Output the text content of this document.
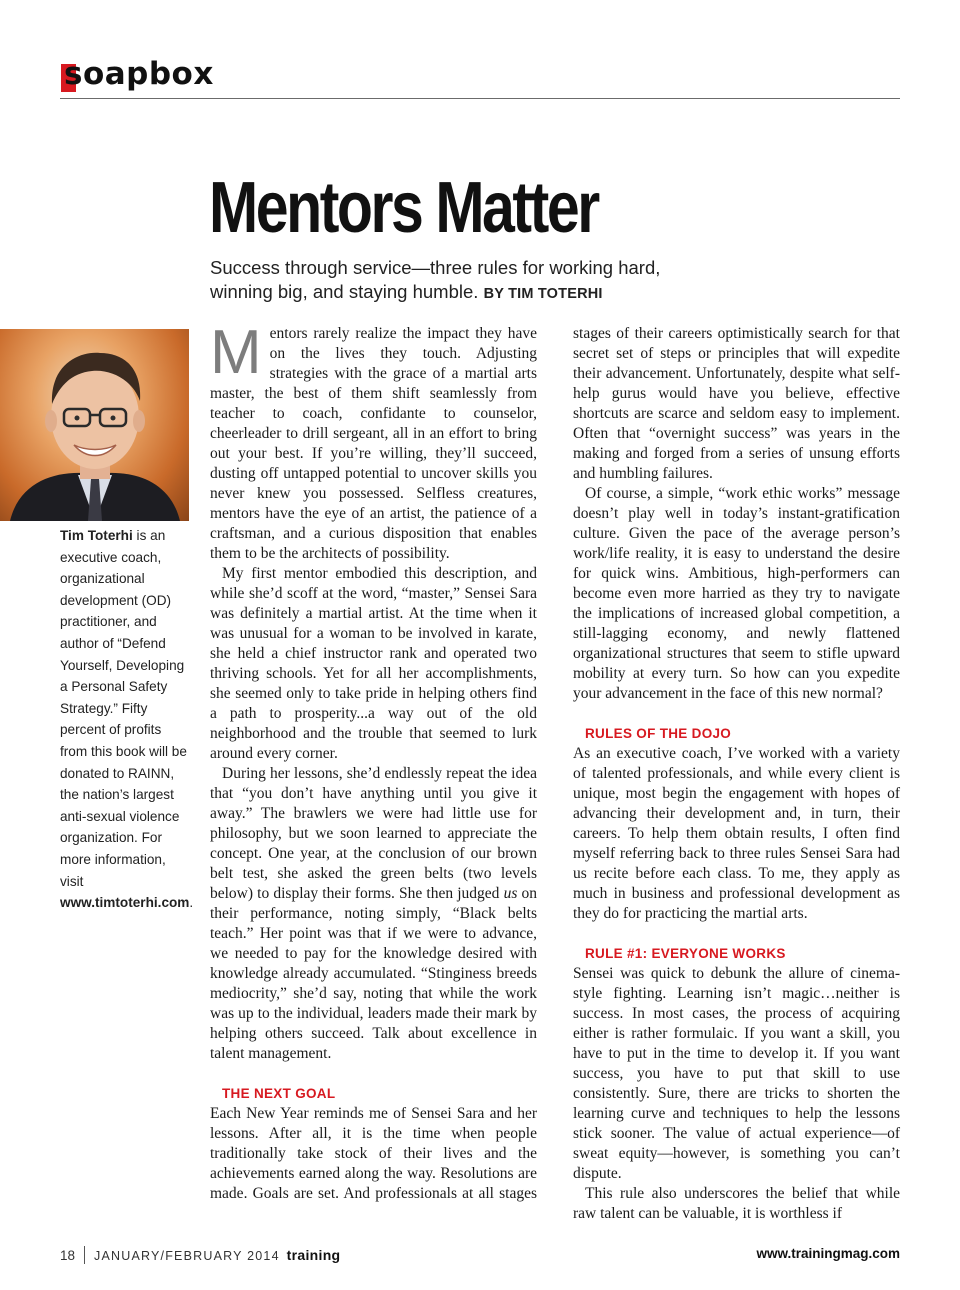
soapbox
Mentors Matter
Success through service—three rules for working hard,
winning big, and staying humble. BY TIM TOTERHI
Tim Toterhi is an executive coach, organizational development (OD) practitioner, and author of “Defend Yourself, Developing a Personal Safety Strategy.” Fifty percent of profits from this book will be donated to RAINN, the nation’s largest anti-sexual violence organization. For more information, visit www.timtoterhi.com.

Mentors rarely realize the impact they have on the lives they touch. Adjusting strategies with the grace of a martial arts master, the best of them shift seamlessly from teacher to coach, confidante to counselor, cheerleader to drill sergeant, all in an effort to bring out your best. If you’re willing, they’ll succeed, dusting off untapped potential to uncover skills you never knew you possessed. Selfless creatures, mentors have the eye of an artist, the patience of a craftsman, and a curious disposition that enables them to be the architects of possibility.

My first mentor embodied this description, and while she’d scoff at the word, “master,” Sensei Sara was definitely a martial artist. At the time when it was unusual for a woman to be involved in karate, she held a chief instructor rank and operated two thriving schools. Yet for all her accomplishments, she seemed only to take pride in helping others find a path to prosperity...a way out of the old neighborhood and the trouble that seemed to lurk around every corner.

During her lessons, she’d endlessly repeat the idea that “you don’t have anything until you give it away.” The brawlers we were had little use for philosophy, but we soon learned to appreciate the concept. One year, at the conclusion of our brown belt test, she asked the green belts (two levels below) to display their forms. She then judged us on their performance, noting simply, “Black belts teach.” Her point was that if we were to advance, we needed to pay for the knowledge desired with knowledge already accumulated. “Stinginess breeds mediocrity,” she’d say, noting that while the work was up to the individual, leaders made their mark by helping others succeed. Talk about excellence in talent management.

THE NEXT GOAL

Each New Year reminds me of Sensei Sara and her lessons. After all, it is the time when people traditionally take stock of their lives and the achievements earned along the way. Resolutions are made. Goals are set. And professionals at all stages

stages of their careers optimistically search for that secret set of steps or principles that will expedite their advancement. Unfortunately, despite what self-help gurus would have you believe, effective shortcuts are scarce and seldom easy to implement. Often that “overnight success” was years in the making and forged from a series of unsung efforts and humbling failures.

Of course, a simple, “work ethic works” message doesn’t play well in today’s instant-gratification culture. Given the pace of the average person’s work/life reality, it is easy to understand the desire for quick wins. Ambitious, high-performers can become even more harried as they try to navigate the implications of increased global competition, a still-lagging economy, and newly flattened organizational structures that seem to stifle upward mobility at every turn. So how can you expedite your advancement in the face of this new normal?

RULES OF THE DOJO

As an executive coach, I’ve worked with a variety of talented professionals, and while every client is unique, most begin the engagement with hopes of advancing their development and, in turn, their careers. To help them obtain results, I often find myself referring back to three rules Sensei Sara had us recite before each class. To me, they apply as much in business and professional development as they do for practicing the martial arts.

RULE #1: EVERYONE WORKS

Sensei was quick to debunk the allure of cinema-style fighting. Learning isn’t magic…neither is success. In most cases, the process of acquiring either is rather formulaic. If you want a skill, you have to put in the time to develop it. If you want success, you have to put that skill to use consistently. Sure, there are tricks to shorten the learning curve and techniques to help the lessons stick sooner. The value of actual experience—of sweat equity—however, is something you can’t dispute.

This rule also underscores the belief that while raw talent can be valuable, it is worthless if

18 JANUARY/FEBRUARY 2014 training	www.trainingmag.com
